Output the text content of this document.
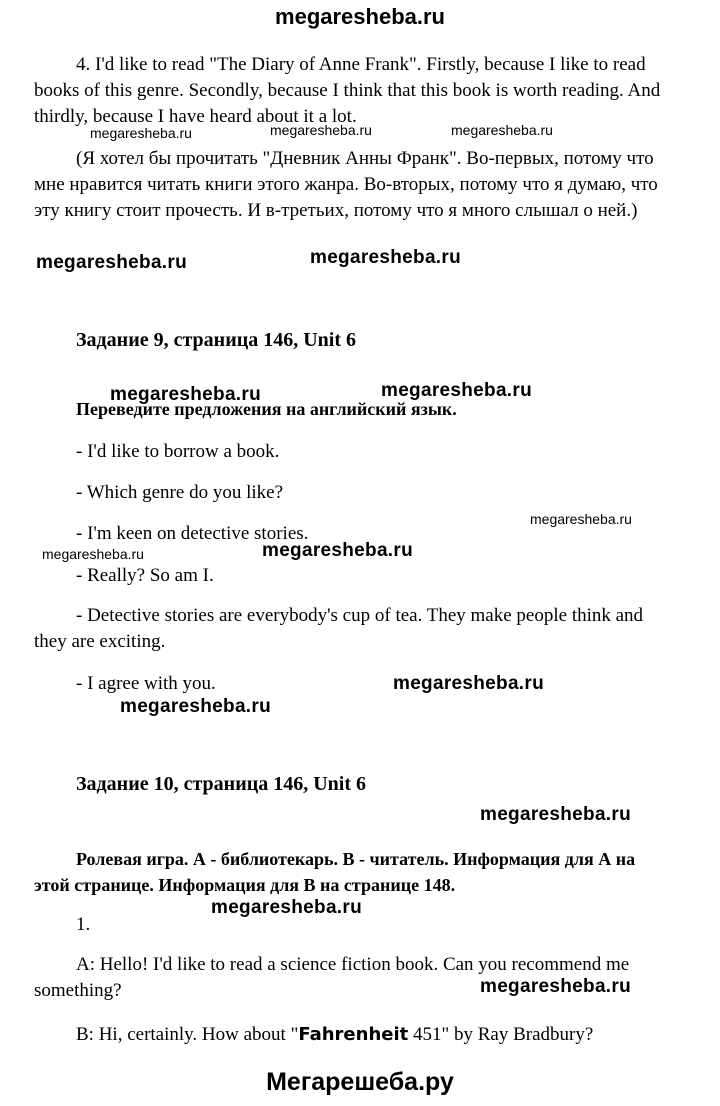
megaresheba.ru

4. I'd like to read "The Diary of Anne Frank". Firstly, because I like to read books of this genre. Secondly, because I think that this book is worth reading. And thirdly, because I have heard about it a lot.

megaresheba.ru	megaresheba.ru	megaresheba.ru

(Я хотел бы прочитать "Дневник Анны Франк". Во-первых, потому что мне нравится читать книги этого жанра. Во-вторых, потому что я думаю, что эту книгу стоит прочесть. И в-третьих, потому что я много слышал о ней.)

megaresheba.ru	megaresheba.ru
Задание 9, страница 146, Unit 6
megaresheba.ru	megaresheba.ru
Переведите предложения на английский язык.
- I'd like to borrow a book.
- Which genre do you like?
megaresheba.ru
- I'm keen on detective stories.
megaresheba.ru	megaresheba.ru
- Really? So am I.

- Detective stories are everybody's cup of tea. They make people think and they are exciting.

- I agree with you.	megaresheba.ru
megaresheba.ru
Задание 10, страница 146, Unit 6
megaresheba.ru

Ролевая игра. А - библиотекарь. В - читатель. Информация для А на этой странице. Информация для В на странице 148.

megaresheba.ru
1.

A: Hello! I'd like to read a science fiction book. Can you recommend me something?	megaresheba.ru
B: Hi, certainly. How about "Fahrenheit 451" by Ray Bradbury?
Мегарешеба.ру
